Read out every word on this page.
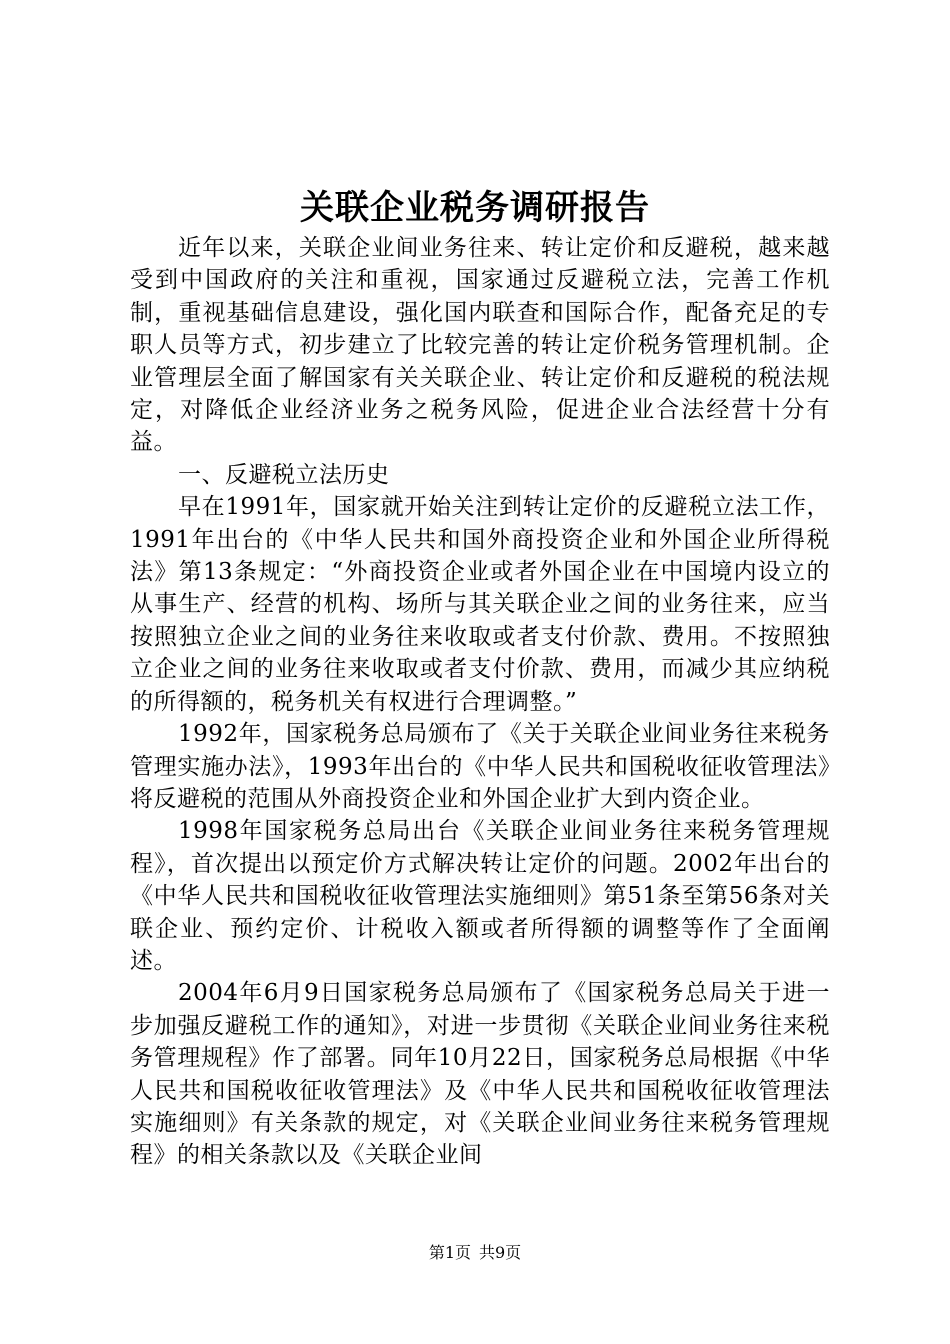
关联企业税务调研报告

近年以来，关联企业间业务往来、转让定价和反避税，越来越受到中国政府的关注和重视，国家通过反避税立法，完善工作机制，重视基础信息建设，强化国内联查和国际合作，配备充足的专职人员等方式，初步建立了比较完善的转让定价税务管理机制。企业管理层全面了解国家有关关联企业、转让定价和反避税的税法规定，对降低企业经济业务之税务风险，促进企业合法经营十分有益。

一、反避税立法历史

早在1991年，国家就开始关注到转让定价的反避税立法工作，1991年出台的《中华人民共和国外商投资企业和外国企业所得税法》第13条规定：“外商投资企业或者外国企业在中国境内设立的从事生产、经营的机构、场所与其关联企业之间的业务往来，应当按照独立企业之间的业务往来收取或者支付价款、费用。不按照独立企业之间的业务往来收取或者支付价款、费用，而减少其应纳税的所得额的，税务机关有权进行合理调整。”

1992年，国家税务总局颁布了《关于关联企业间业务往来税务管理实施办法》，1993年出台的《中华人民共和国税收征收管理法》将反避税的范围从外商投资企业和外国企业扩大到内资企业。

1998年国家税务总局出台《关联企业间业务往来税务管理规程》，首次提出以预定价方式解决转让定价的问题。2002年出台的《中华人民共和国税收征收管理法实施细则》第51条至第56条对关联企业、预约定价、计税收入额或者所得额的调整等作了全面阐述。

2004年6月9日国家税务总局颁布了《国家税务总局关于进一步加强反避税工作的通知》，对进一步贯彻《关联企业间业务往来税务管理规程》作了部署。同年10月22日，国家税务总局根据《中华人民共和国税收征收管理法》及《中华人民共和国税收征收管理法实施细则》有关条款的规定，对《关联企业间业务往来税务管理规程》的相关条款以及《关联企业间

第1页 共9页
